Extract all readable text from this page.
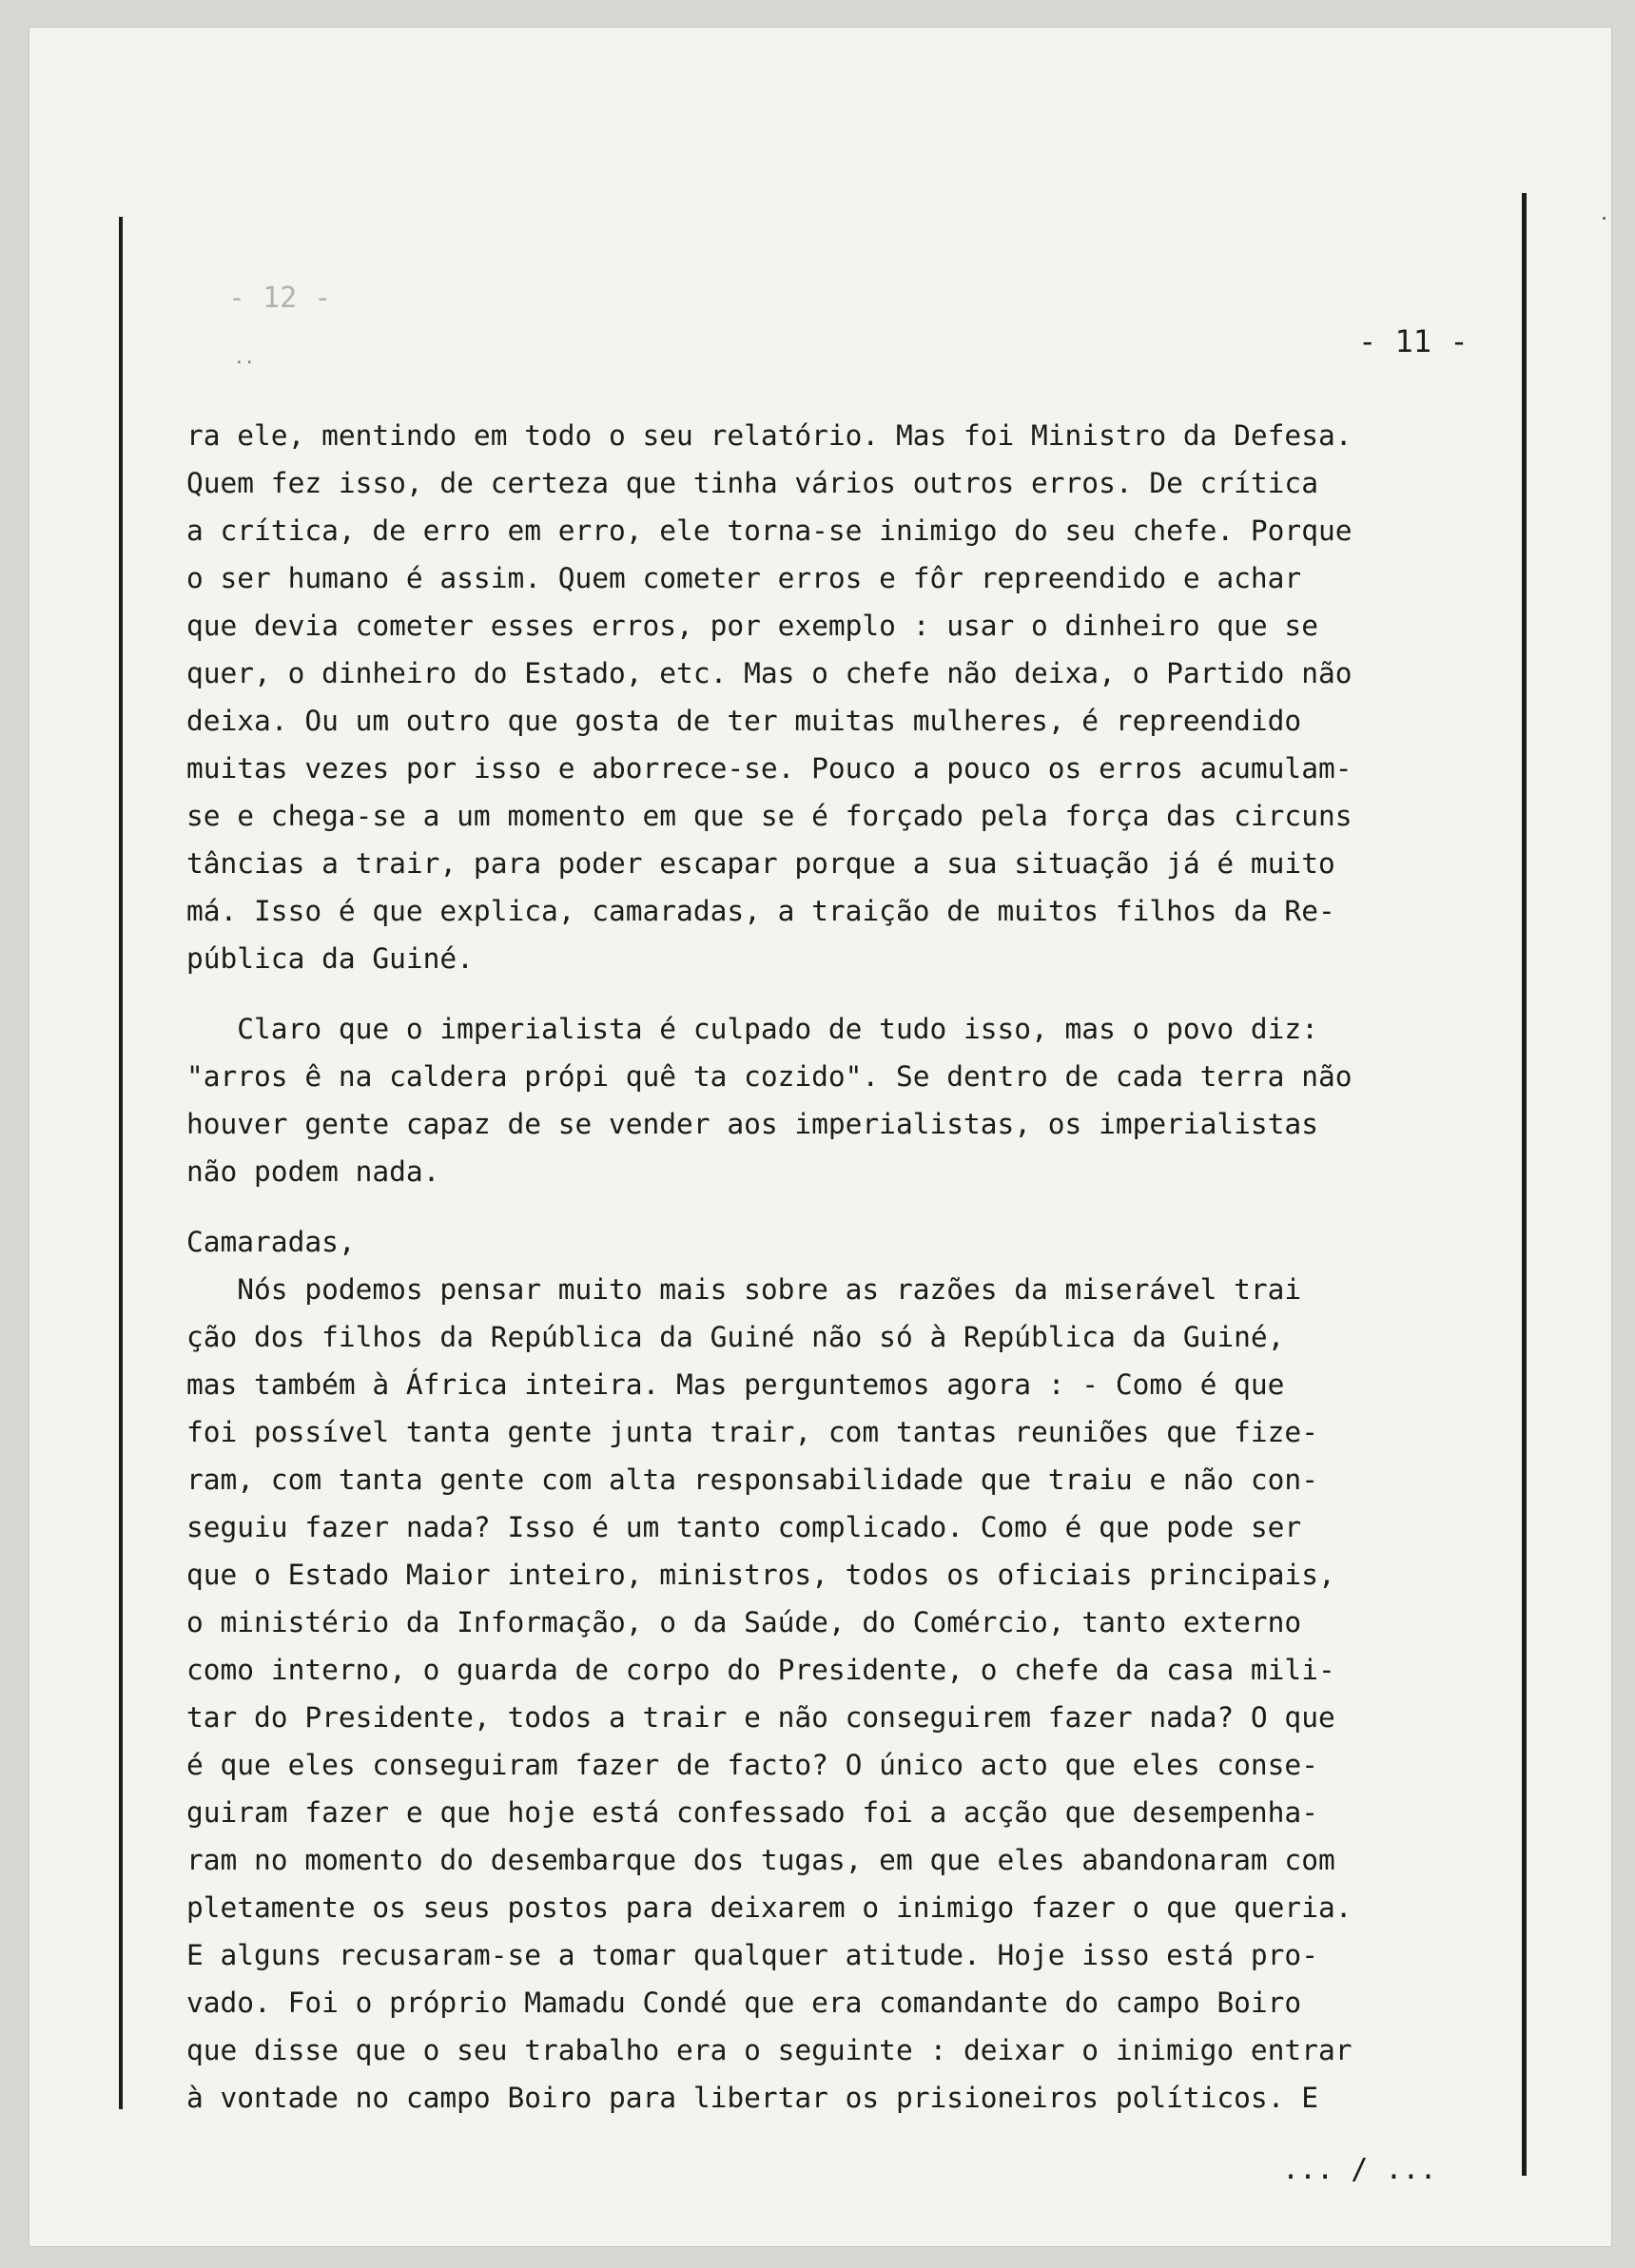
- 12 -
- 11 -
..
ra ele, mentindo em todo o seu relatório. Mas foi Ministro da Defesa.
Quem fez isso, de certeza que tinha vários outros erros. De crítica
a crítica, de erro em erro, ele torna-se inimigo do seu chefe. Porque
o ser humano é assim. Quem cometer erros e fôr repreendido e achar
que devia cometer esses erros, por exemplo : usar o dinheiro que se
quer, o dinheiro do Estado, etc. Mas o chefe não deixa, o Partido não
deixa. Ou um outro que gosta de ter muitas mulheres, é repreendido
muitas vezes por isso e aborrece-se. Pouco a pouco os erros acumulam-
se e chega-se a um momento em que se é forçado pela força das circuns
tâncias a trair, para poder escapar porque a sua situação já é muito
má. Isso é que explica, camaradas, a traição de muitos filhos da Re-
pública da Guiné.
Claro que o imperialista é culpado de tudo isso, mas o povo diz:
"arros ê na caldera própi quê ta cozido". Se dentro de cada terra não
houver gente capaz de se vender aos imperialistas, os imperialistas
não podem nada.
Camaradas,
Nós podemos pensar muito mais sobre as razões da miserável trai
ção dos filhos da República da Guiné não só à República da Guiné,
mas também à África inteira. Mas perguntemos agora : - Como é que
foi possível tanta gente junta trair, com tantas reuniões que fize-
ram, com tanta gente com alta responsabilidade que traiu e não con-
seguiu fazer nada? Isso é um tanto complicado. Como é que pode ser
que o Estado Maior inteiro, ministros, todos os oficiais principais,
o ministério da Informação, o da Saúde, do Comércio, tanto externo
como interno, o guarda de corpo do Presidente, o chefe da casa mili-
tar do Presidente, todos a trair e não conseguirem fazer nada? O que
é que eles conseguiram fazer de facto? O único acto que eles conse-
guiram fazer e que hoje está confessado foi a acção que desempenha-
ram no momento do desembarque dos tugas, em que eles abandonaram com
pletamente os seus postos para deixarem o inimigo fazer o que queria.
E alguns recusaram-se a tomar qualquer atitude. Hoje isso está pro-
vado. Foi o próprio Mamadu Condé que era comandante do campo Boiro
que disse que o seu trabalho era o seguinte : deixar o inimigo entrar
à vontade no campo Boiro para libertar os prisioneiros políticos. E
... / ...
